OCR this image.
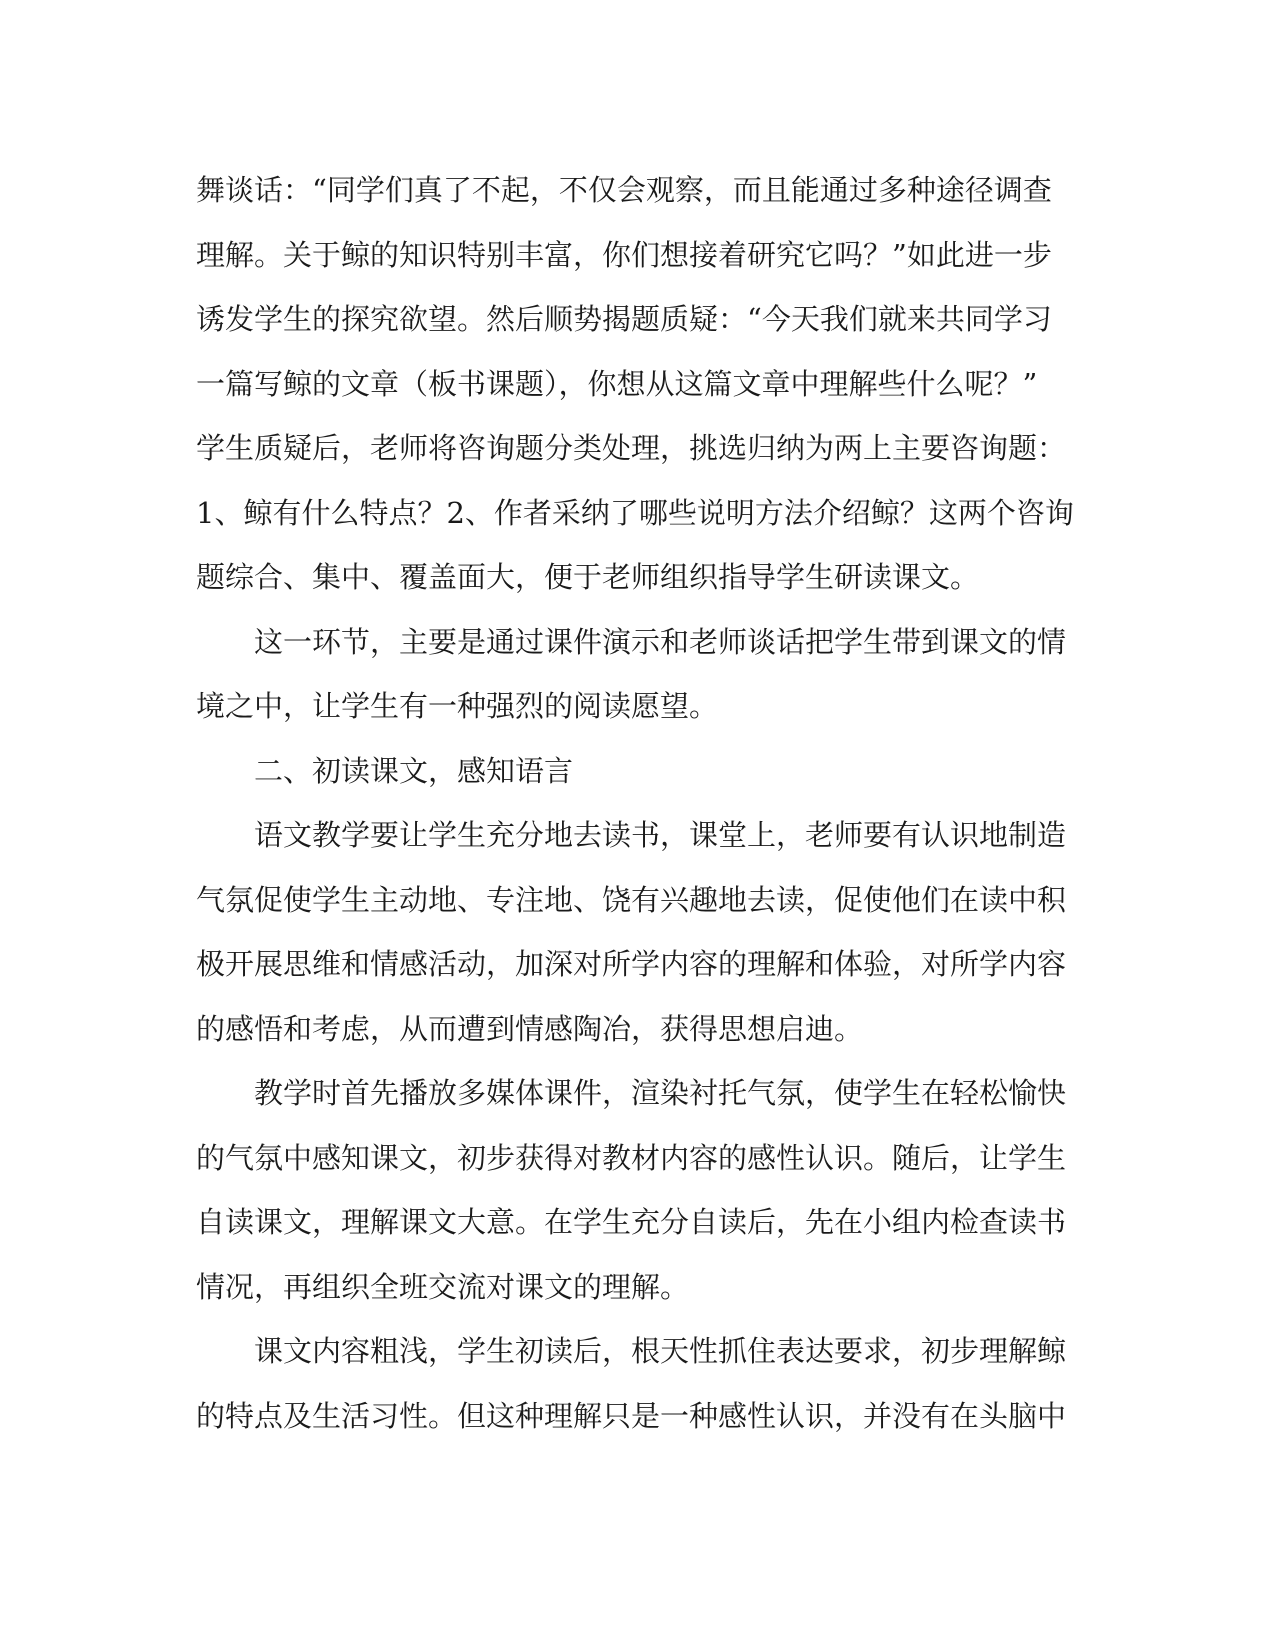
舞谈话：“同学们真了不起，不仅会观察，而且能通过多种途径调查
理解。关于鲸的知识特别丰富，你们想接着研究它吗？”如此进一步
诱发学生的探究欲望。然后顺势揭题质疑：“今天我们就来共同学习
一篇写鲸的文章（板书课题），你想从这篇文章中理解些什么呢？”
学生质疑后，老师将咨询题分类处理，挑选归纳为两上主要咨询题：
1、鲸有什么特点？2、作者采纳了哪些说明方法介绍鲸？这两个咨询
题综合、集中、覆盖面大，便于老师组织指导学生研读课文。
这一环节，主要是通过课件演示和老师谈话把学生带到课文的情
境之中，让学生有一种强烈的阅读愿望。
二、初读课文，感知语言
语文教学要让学生充分地去读书，课堂上，老师要有认识地制造
气氛促使学生主动地、专注地、饶有兴趣地去读，促使他们在读中积
极开展思维和情感活动，加深对所学内容的理解和体验，对所学内容
的感悟和考虑，从而遭到情感陶冶，获得思想启迪。
教学时首先播放多媒体课件，渲染衬托气氛，使学生在轻松愉快
的气氛中感知课文，初步获得对教材内容的感性认识。随后，让学生
自读课文，理解课文大意。在学生充分自读后，先在小组内检查读书
情况，再组织全班交流对课文的理解。
课文内容粗浅，学生初读后，根天性抓住表达要求，初步理解鲸
的特点及生活习性。但这种理解只是一种感性认识，并没有在头脑中
